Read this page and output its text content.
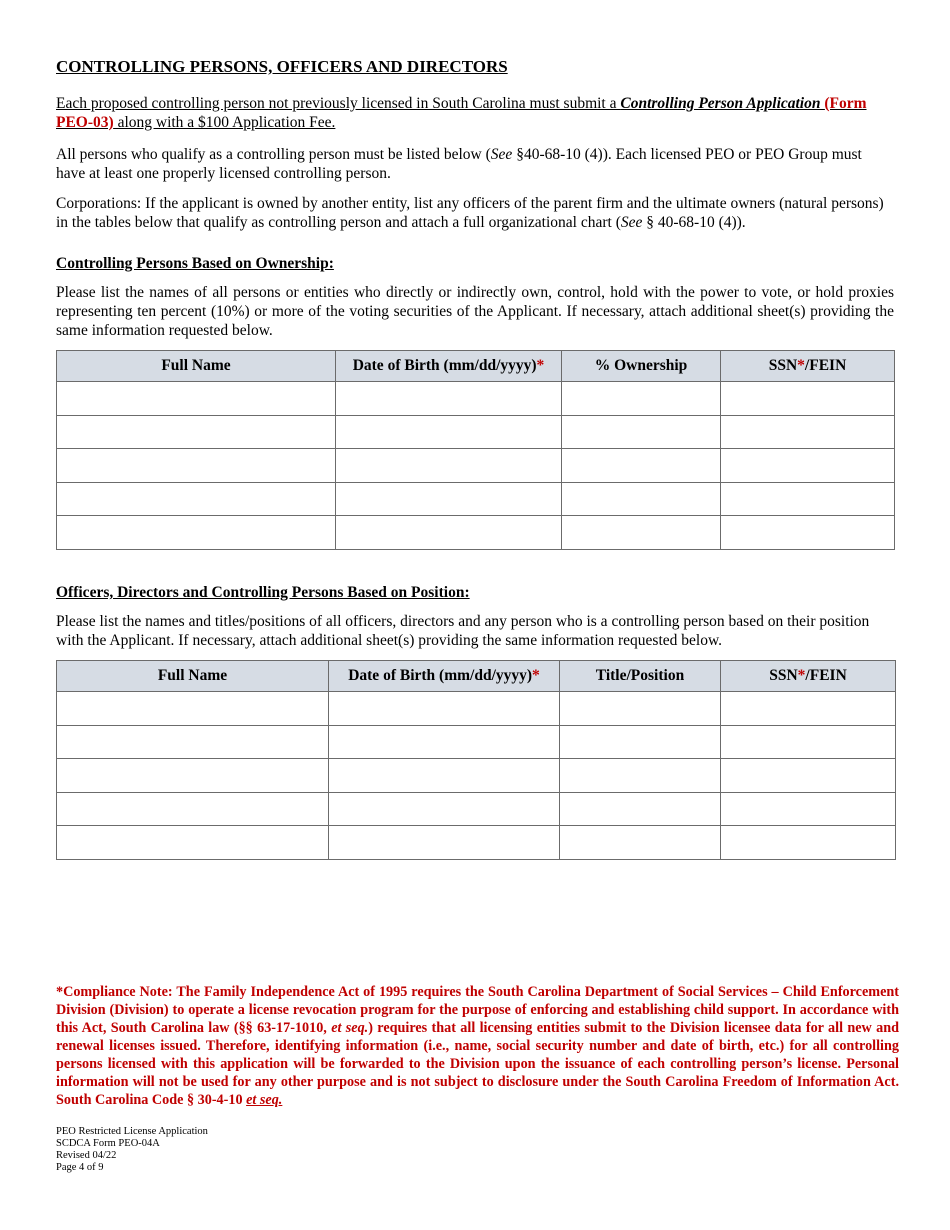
CONTROLLING PERSONS, OFFICERS AND DIRECTORS

Each proposed controlling person not previously licensed in South Carolina must submit a Controlling Person Application (Form PEO-03) along with a $100 Application Fee.

All persons who qualify as a controlling person must be listed below (See §40-68-10 (4)). Each licensed PEO or PEO Group must have at least one properly licensed controlling person.

Corporations: If the applicant is owned by another entity, list any officers of the parent firm and the ultimate owners (natural persons) in the tables below that qualify as controlling person and attach a full organizational chart (See § 40-68-10 (4)).

Controlling Persons Based on Ownership:

Please list the names of all persons or entities who directly or indirectly own, control, hold with the power to vote, or hold proxies representing ten percent (10%) or more of the voting securities of the Applicant. If necessary, attach additional sheet(s) providing the same information requested below.

Full Name	Date of Birth (mm/dd/yyyy)*	% Ownership	SSN*/FEIN

Officers, Directors and Controlling Persons Based on Position:

Please list the names and titles/positions of all officers, directors and any person who is a controlling person based on their position with the Applicant. If necessary, attach additional sheet(s) providing the same information requested below.

Full Name	Date of Birth (mm/dd/yyyy)*	Title/Position	SSN*/FEIN

*Compliance Note: The Family Independence Act of 1995 requires the South Carolina Department of Social Services – Child Enforcement Division (Division) to operate a license revocation program for the purpose of enforcing and establishing child support. In accordance with this Act, South Carolina law (§§ 63-17-1010, et seq.) requires that all licensing entities submit to the Division licensee data for all new and renewal licenses issued. Therefore, identifying information (i.e., name, social security number and date of birth, etc.) for all controlling persons licensed with this application will be forwarded to the Division upon the issuance of each controlling person’s license. Personal information will not be used for any other purpose and is not subject to disclosure under the South Carolina Freedom of Information Act. South Carolina Code § 30-4-10 et seq.
PEO Restricted License Application
SCDCA Form PEO-04A
Revised 04/22
Page 4 of 9
